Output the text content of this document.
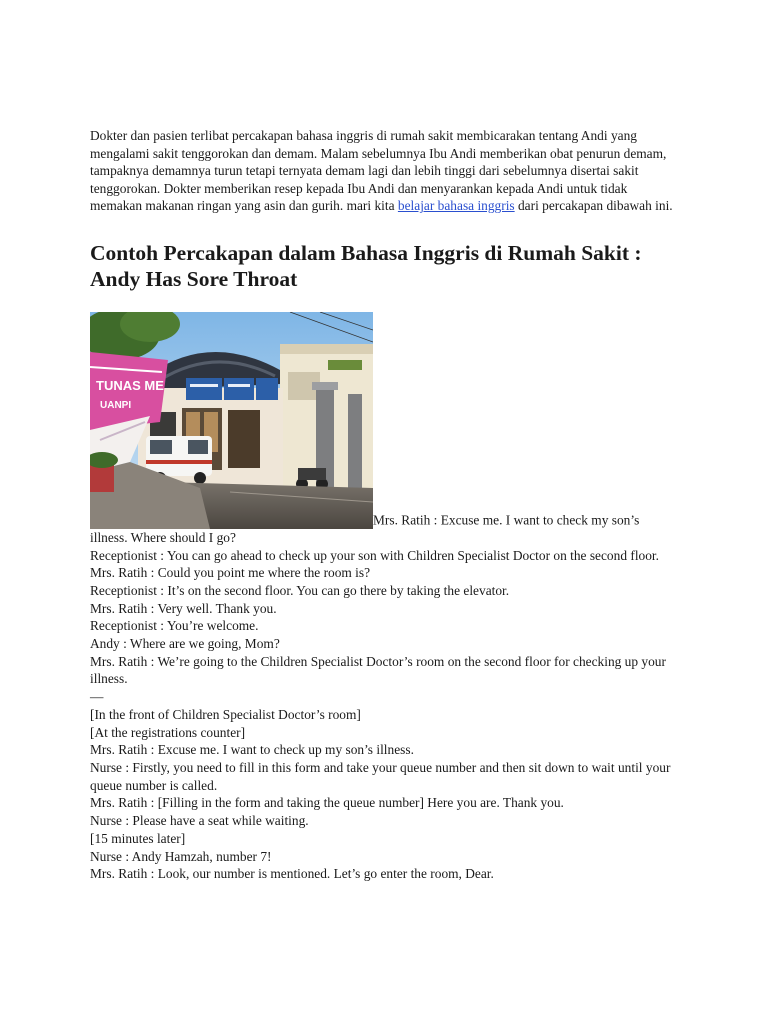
Dokter dan pasien terlibat percakapan bahasa inggris di rumah sakit membicarakan tentang Andi yang mengalami sakit tenggorokan dan demam. Malam sebelumnya Ibu Andi memberikan obat penurun demam, tampaknya demamnya turun tetapi ternyata demam lagi dan lebih tinggi dari sebelumnya disertai sakit tenggorokan. Dokter memberikan resep kepada Ibu Andi dan menyarankan kepada Andi untuk tidak memakan makanan ringan yang asin dan gurih. mari kita belajar bahasa inggris dari percakapan dibawah ini.

Contoh Percakapan dalam Bahasa Inggris di Rumah Sakit : Andy Has Sore Throat
TUNAS ME
UANPI
Mrs. Ratih : Excuse me. I want to check my son’s illness. Where should I go?

Receptionist : You can go ahead to check up your son with Children Specialist Doctor on the second floor.

Mrs. Ratih : Could you point me where the room is?

Receptionist : It’s on the second floor. You can go there by taking the elevator.

Mrs. Ratih : Very well. Thank you.

Receptionist : You’re welcome.

Andy : Where are we going, Mom?

Mrs. Ratih : We’re going to the Children Specialist Doctor’s room on the second floor for checking up your illness.

—

[In the front of Children Specialist Doctor’s room]

[At the registrations counter]

Mrs. Ratih : Excuse me. I want to check up my son’s illness.

Nurse : Firstly, you need to fill in this form and take your queue number and then sit down to wait until your queue number is called.

Mrs. Ratih : [Filling in the form and taking the queue number] Here you are. Thank you.

Nurse : Please have a seat while waiting.

[15 minutes later]

Nurse : Andy Hamzah, number 7!

Mrs. Ratih : Look, our number is mentioned. Let’s go enter the room, Dear.
